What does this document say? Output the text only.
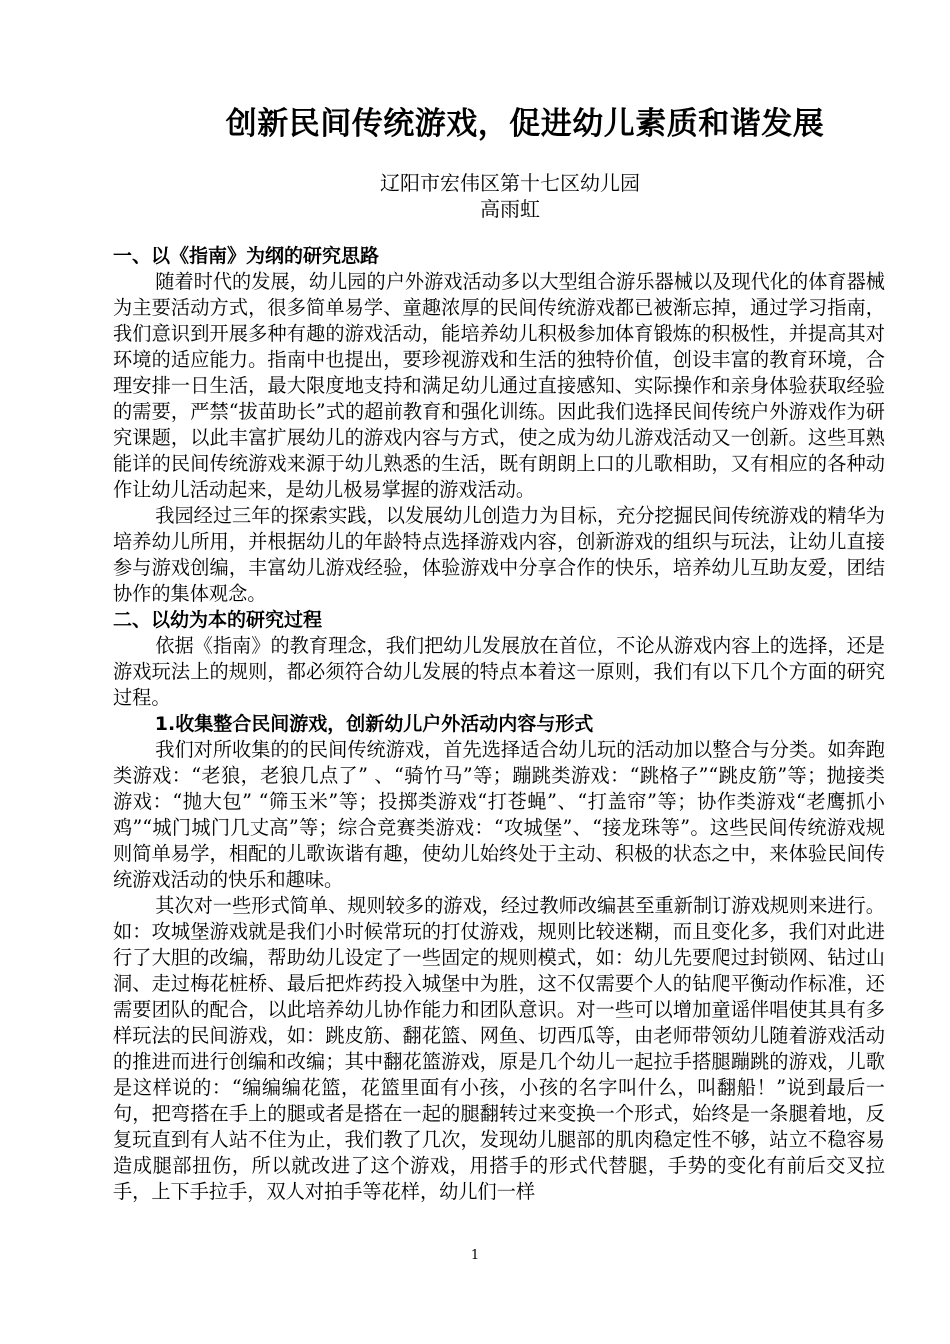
创新民间传统游戏，促进幼儿素质和谐发展
辽阳市宏伟区第十七区幼儿园
高雨虹
一、以《指南》为纲的研究思路
随着时代的发展，幼儿园的户外游戏活动多以大型组合游乐器械以及现代化的体育器械为主要活动方式，很多简单易学、童趣浓厚的民间传统游戏都已被渐忘掉，通过学习指南，我们意识到开展多种有趣的游戏活动，能培养幼儿积极参加体育锻炼的积极性，并提高其对环境的适应能力。指南中也提出，要珍视游戏和生活的独特价值，创设丰富的教育环境，合理安排一日生活，最大限度地支持和满足幼儿通过直接感知、实际操作和亲身体验获取经验的需要，严禁“拔苗助长”式的超前教育和强化训练。因此我们选择民间传统户外游戏作为研究课题，以此丰富扩展幼儿的游戏内容与方式，使之成为幼儿游戏活动又一创新。这些耳熟能详的民间传统游戏来源于幼儿熟悉的生活，既有朗朗上口的儿歌相助，又有相应的各种动作让幼儿活动起来，是幼儿极易掌握的游戏活动。
我园经过三年的探索实践，以发展幼儿创造力为目标，充分挖掘民间传统游戏的精华为培养幼儿所用，并根据幼儿的年龄特点选择游戏内容，创新游戏的组织与玩法，让幼儿直接参与游戏创编，丰富幼儿游戏经验，体验游戏中分享合作的快乐，培养幼儿互助友爱，团结协作的集体观念。
二、以幼为本的研究过程
依据《指南》的教育理念，我们把幼儿发展放在首位，不论从游戏内容上的选择，还是游戏玩法上的规则，都必须符合幼儿发展的特点本着这一原则，我们有以下几个方面的研究过程。
1.收集整合民间游戏，创新幼儿户外活动内容与形式
我们对所收集的的民间传统游戏，首先选择适合幼儿玩的活动加以整合与分类。如奔跑类游戏：“老狼，老狼几点了” 、“骑竹马”等；蹦跳类游戏：“跳格子”“跳皮筋”等；抛接类游戏：“抛大包” “筛玉米”等；投掷类游戏“打苍蝇”、“打盖帘”等；协作类游戏“老鹰抓小鸡”“城门城门几丈高”等；综合竞赛类游戏：“攻城堡”、“接龙珠等”。这些民间传统游戏规则简单易学，相配的儿歌诙谐有趣，使幼儿始终处于主动、积极的状态之中，来体验民间传统游戏活动的快乐和趣味。
其次对一些形式简单、规则较多的游戏，经过教师改编甚至重新制订游戏规则来进行。如：攻城堡游戏就是我们小时候常玩的打仗游戏，规则比较迷糊，而且变化多，我们对此进行了大胆的改编，帮助幼儿设定了一些固定的规则模式，如：幼儿先要爬过封锁网、钻过山洞、走过梅花桩桥、最后把炸药投入城堡中为胜，这不仅需要个人的钻爬平衡动作标准，还需要团队的配合，以此培养幼儿协作能力和团队意识。对一些可以增加童谣伴唱使其具有多样玩法的民间游戏，如：跳皮筋、翻花篮、网鱼、切西瓜等，由老师带领幼儿随着游戏活动的推进而进行创编和改编；其中翻花篮游戏，原是几个幼儿一起拉手搭腿蹦跳的游戏，儿歌是这样说的：“编编编花篮，花篮里面有小孩，小孩的名字叫什么，叫翻船！”说到最后一句，把弯搭在手上的腿或者是搭在一起的腿翻转过来变换一个形式，始终是一条腿着地，反复玩直到有人站不住为止，我们教了几次，发现幼儿腿部的肌肉稳定性不够，站立不稳容易造成腿部扭伤，所以就改进了这个游戏，用搭手的形式代替腿，手势的变化有前后交叉拉手，上下手拉手，双人对拍手等花样，幼儿们一样
1
